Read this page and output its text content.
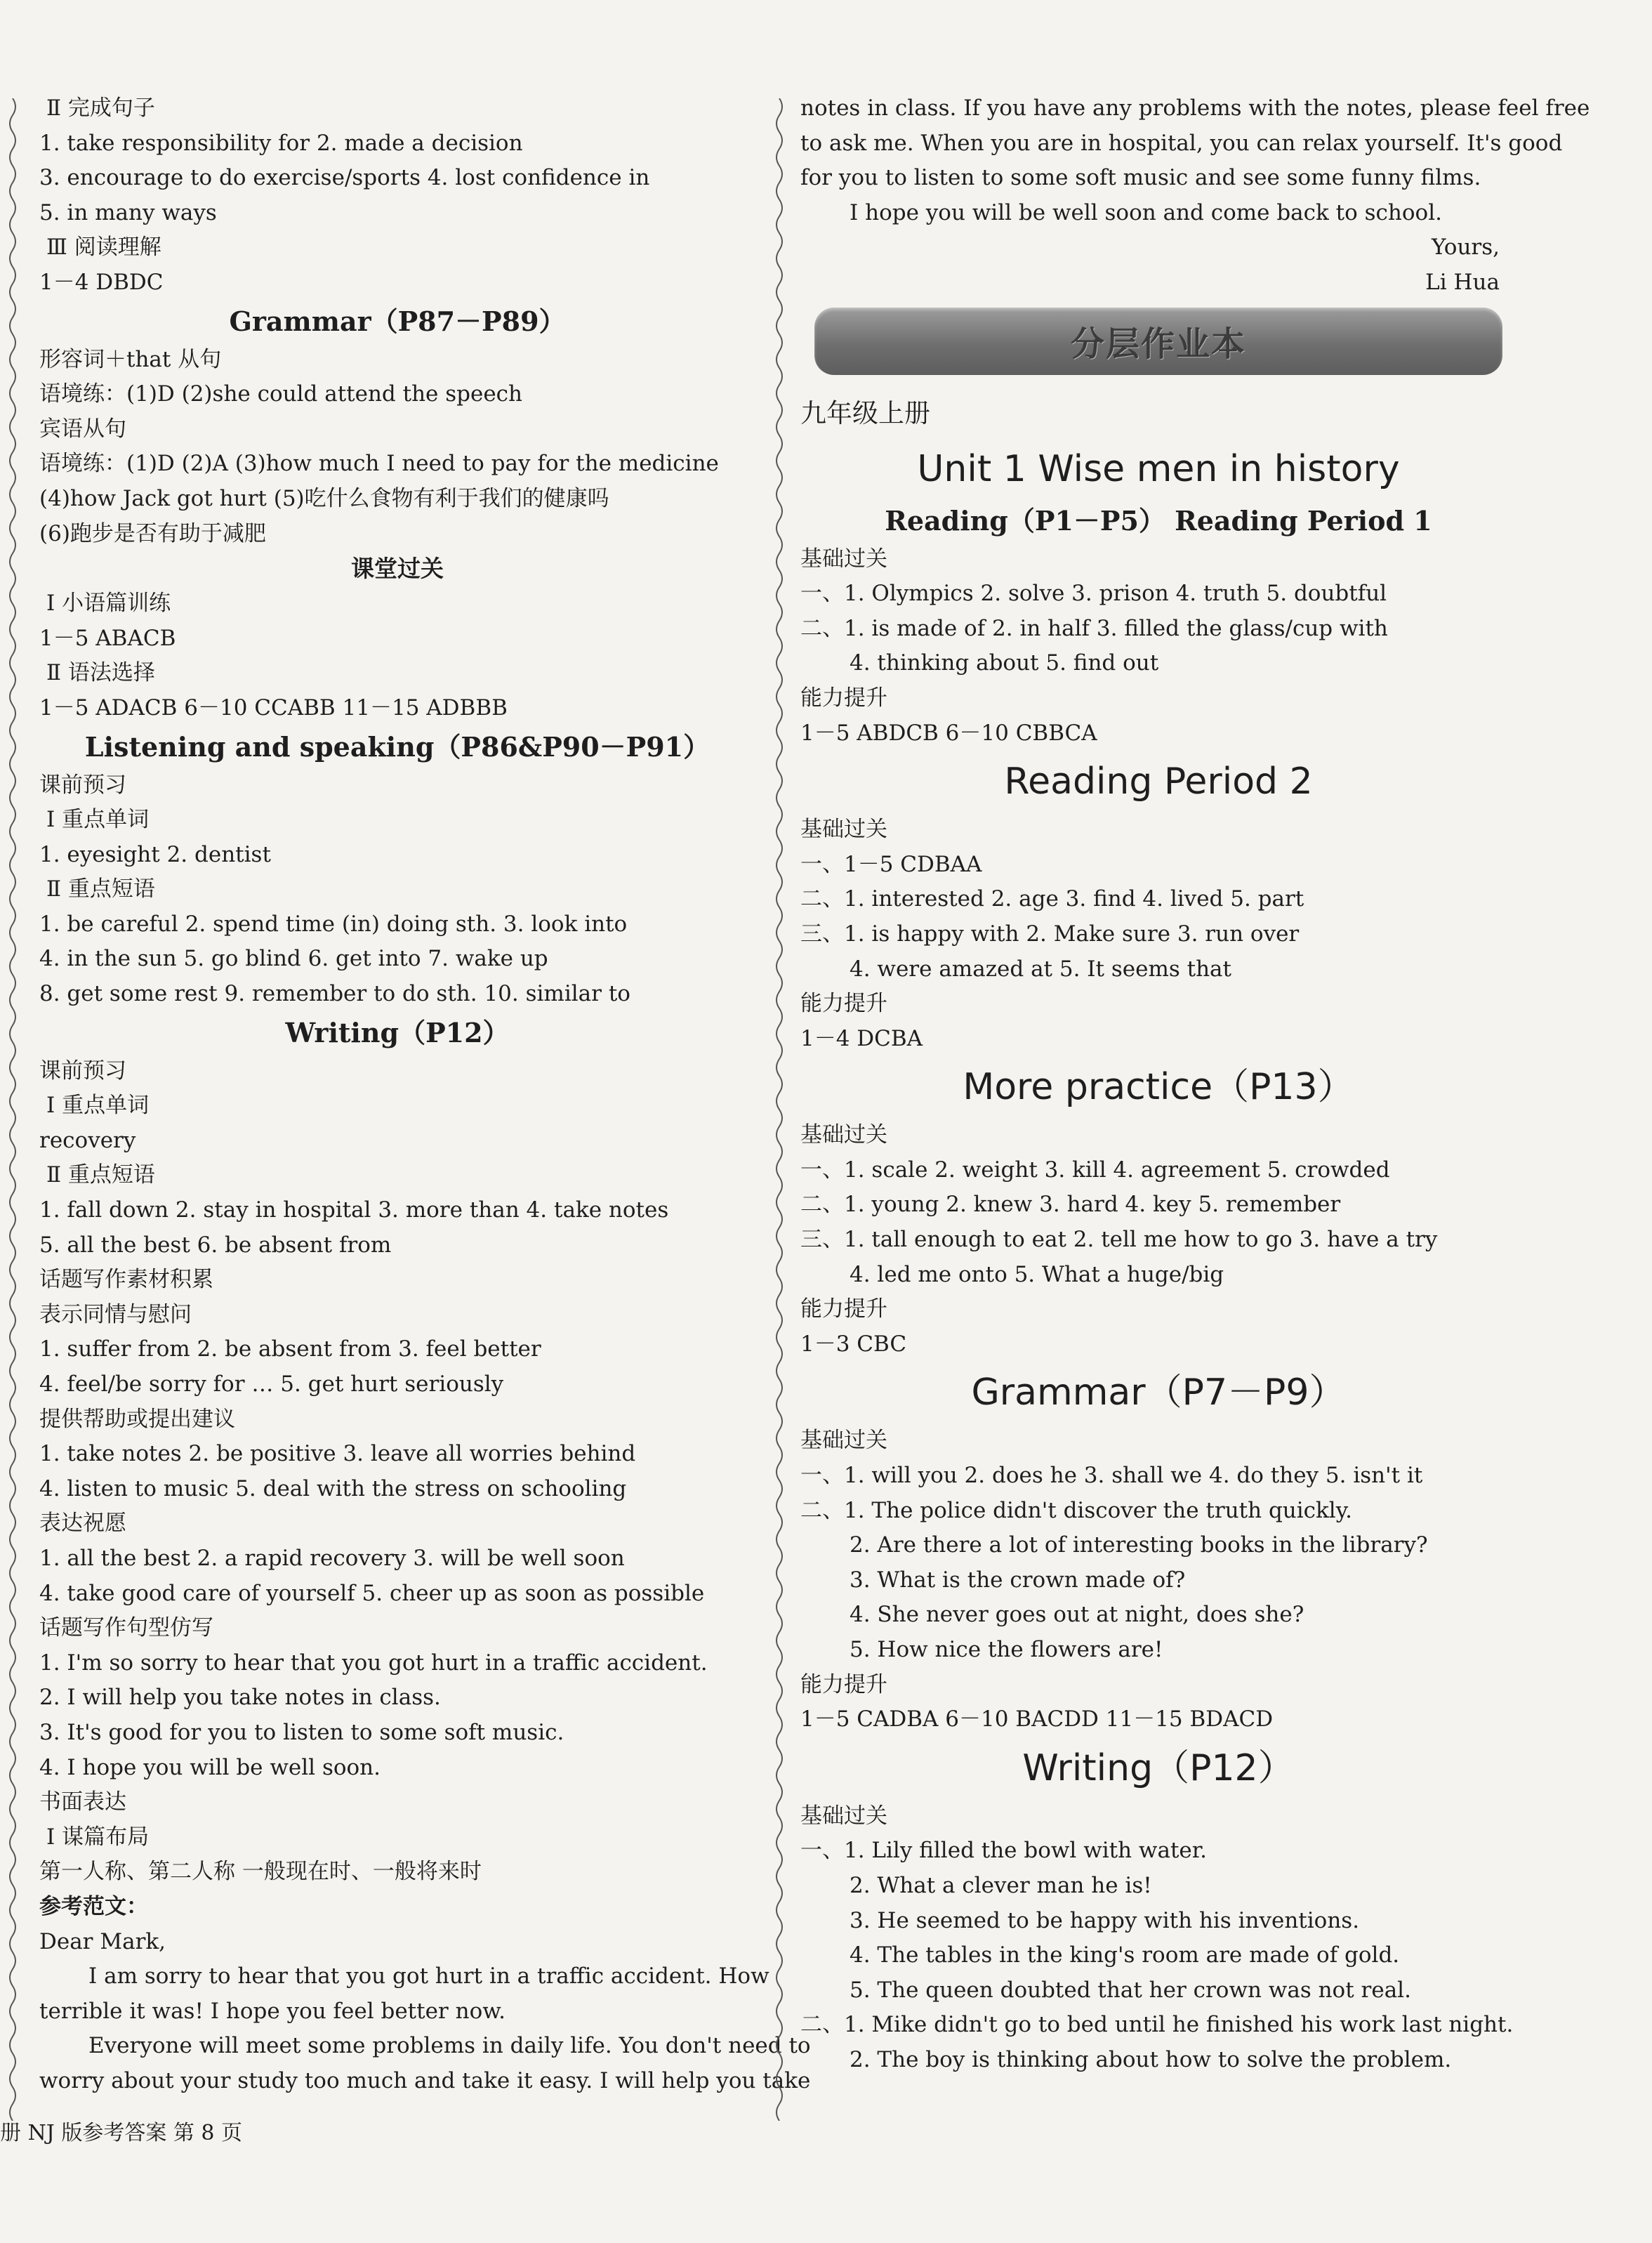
Ⅱ 完成句子
1. take responsibility for 2. made a decision
3. encourage to do exercise/sports 4. lost confidence in
5. in many ways
Ⅲ 阅读理解
1－4 DBDC
Grammar（P87－P89）
形容词＋that 从句
语境练：(1)D (2)she could attend the speech
宾语从句
语境练：(1)D (2)A (3)how much I need to pay for the medicine
(4)how Jack got hurt (5)吃什么食物有利于我们的健康吗
(6)跑步是否有助于减肥
课堂过关
Ⅰ 小语篇训练
1－5 ABACB
Ⅱ 语法选择
1－5 ADACB 6－10 CCABB 11－15 ADBBB
Listening and speaking（P86&P90－P91）
课前预习
Ⅰ 重点单词
1. eyesight 2. dentist
Ⅱ 重点短语
1. be careful 2. spend time (in) doing sth. 3. look into
4. in the sun 5. go blind 6. get into 7. wake up
8. get some rest 9. remember to do sth. 10. similar to
Writing（P12）
课前预习
Ⅰ 重点单词
recovery
Ⅱ 重点短语
1. fall down 2. stay in hospital 3. more than 4. take notes
5. all the best 6. be absent from
话题写作素材积累
表示同情与慰问
1. suffer from 2. be absent from 3. feel better
4. feel/be sorry for … 5. get hurt seriously
提供帮助或提出建议
1. take notes 2. be positive 3. leave all worries behind
4. listen to music 5. deal with the stress on schooling
表达祝愿
1. all the best 2. a rapid recovery 3. will be well soon
4. take good care of yourself 5. cheer up as soon as possible
话题写作句型仿写
1. I'm so sorry to hear that you got hurt in a traffic accident.
2. I will help you take notes in class.
3. It's good for you to listen to some soft music.
4. I hope you will be well soon.
书面表达
Ⅰ 谋篇布局
第一人称、第二人称 一般现在时、一般将来时
参考范文：
Dear Mark,
I am sorry to hear that you got hurt in a traffic accident. How
terrible it was! I hope you feel better now.
Everyone will meet some problems in daily life. You don't need to
worry about your study too much and take it easy. I will help you take
notes in class. If you have any problems with the notes, please feel free
to ask me. When you are in hospital, you can relax yourself. It's good
for you to listen to some soft music and see some funny films.
I hope you will be well soon and come back to school.
Yours,
Li Hua
分层作业本
九年级上册
Unit 1 Wise men in history
Reading（P1－P5） Reading Period 1
基础过关
一、1. Olympics 2. solve 3. prison 4. truth 5. doubtful
二、1. is made of 2. in half 3. filled the glass/cup with
4. thinking about 5. find out
能力提升
1－5 ABDCB 6－10 CBBCA
Reading Period 2
基础过关
一、1－5 CDBAA
二、1. interested 2. age 3. find 4. lived 5. part
三、1. is happy with 2. Make sure 3. run over
4. were amazed at 5. It seems that
能力提升
1－4 DCBA
More practice（P13）
基础过关
一、1. scale 2. weight 3. kill 4. agreement 5. crowded
二、1. young 2. knew 3. hard 4. key 5. remember
三、1. tall enough to eat 2. tell me how to go 3. have a try
4. led me onto 5. What a huge/big
能力提升
1－3 CBC
Grammar（P7－P9）
基础过关
一、1. will you 2. does he 3. shall we 4. do they 5. isn't it
二、1. The police didn't discover the truth quickly.
2. Are there a lot of interesting books in the library?
3. What is the crown made of?
4. She never goes out at night, does she?
5. How nice the flowers are!
能力提升
1－5 CADBA 6－10 BACDD 11－15 BDACD
Writing（P12）
基础过关
一、1. Lily filled the bowl with water.
2. What a clever man he is!
3. He seemed to be happy with his inventions.
4. The tables in the king's room are made of gold.
5. The queen doubted that her crown was not real.
二、1. Mike didn't go to bed until he finished his work last night.
2. The boy is thinking about how to solve the problem.
册 NJ 版参考答案 第 8 页
